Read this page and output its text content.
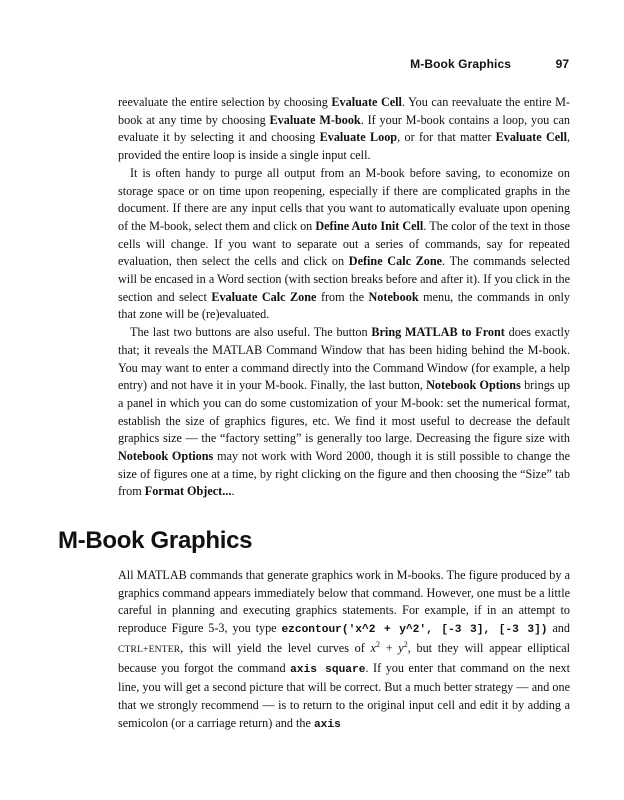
M-Book Graphics	97

reevaluate the entire selection by choosing Evaluate Cell. You can reevaluate the entire M-book at any time by choosing Evaluate M-book. If your M-book contains a loop, you can evaluate it by selecting it and choosing Evaluate Loop, or for that matter Evaluate Cell, provided the entire loop is inside a single input cell.

It is often handy to purge all output from an M-book before saving, to economize on storage space or on time upon reopening, especially if there are complicated graphs in the document. If there are any input cells that you want to automatically evaluate upon opening of the M-book, select them and click on Define Auto Init Cell. The color of the text in those cells will change. If you want to separate out a series of commands, say for repeated evaluation, then select the cells and click on Define Calc Zone. The commands selected will be encased in a Word section (with section breaks before and after it). If you click in the section and select Evaluate Calc Zone from the Notebook menu, the commands in only that zone will be (re)evaluated.

The last two buttons are also useful. The button Bring MATLAB to Front does exactly that; it reveals the MATLAB Command Window that has been hiding behind the M-book. You may want to enter a command directly into the Command Window (for example, a help entry) and not have it in your M-book. Finally, the last button, Notebook Options brings up a panel in which you can do some customization of your M-book: set the numerical format, establish the size of graphics figures, etc. We find it most useful to decrease the default graphics size — the “factory setting” is generally too large. Decreasing the figure size with Notebook Options may not work with Word 2000, though it is still possible to change the size of figures one at a time, by right clicking on the figure and then choosing the “Size” tab from Format Object....

M-Book Graphics

All MATLAB commands that generate graphics work in M-books. The figure produced by a graphics command appears immediately below that command. However, one must be a little careful in planning and executing graphics statements. For example, if in an attempt to reproduce Figure 5-3, you type ezcontour('x^2 + y^2', [-3 3], [-3 3]) and CTRL+ENTER, this will yield the level curves of $x^2 + y^2$, but they will appear elliptical because you forgot the command axis square. If you enter that command on the next line, you will get a second picture that will be correct. But a much better strategy — and one that we strongly recommend — is to return to the original input cell and edit it by adding a semicolon (or a carriage return) and the axis
